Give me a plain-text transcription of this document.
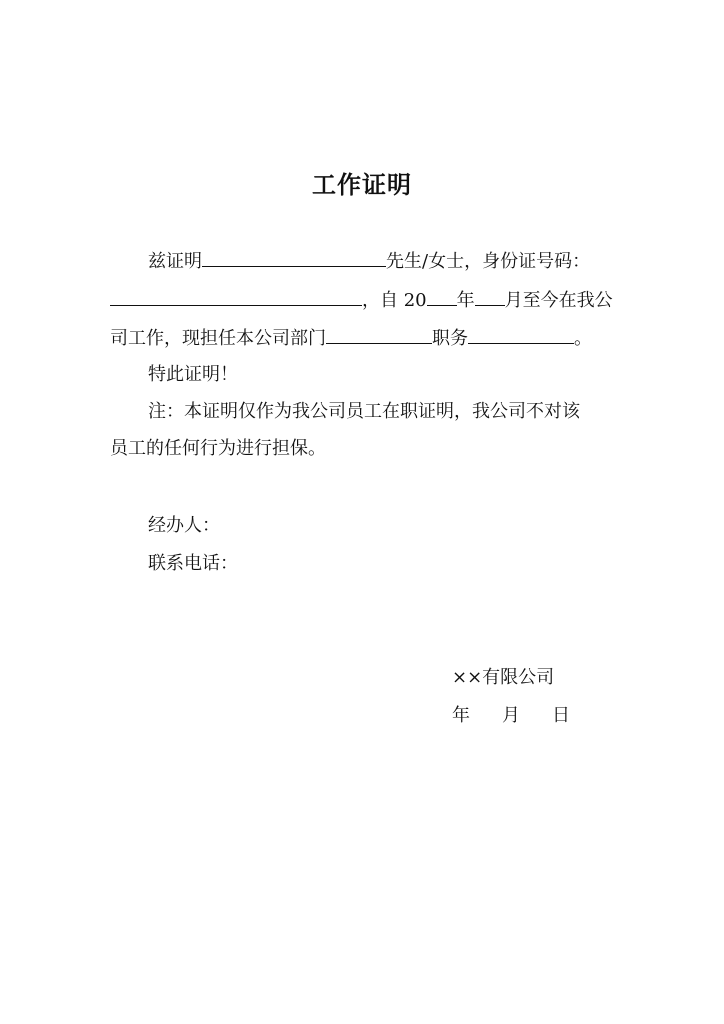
工作证明
兹证明	先生/女士，身份证号码：
，自 20 年 月至今在我公
司工作，现担任本公司部门	职务	。
特此证明！
注：本证明仅作为我公司员工在职证明，我公司不对该
员工的任何行为进行担保。
经办人：
联系电话：
××有限公司
年 月 日
